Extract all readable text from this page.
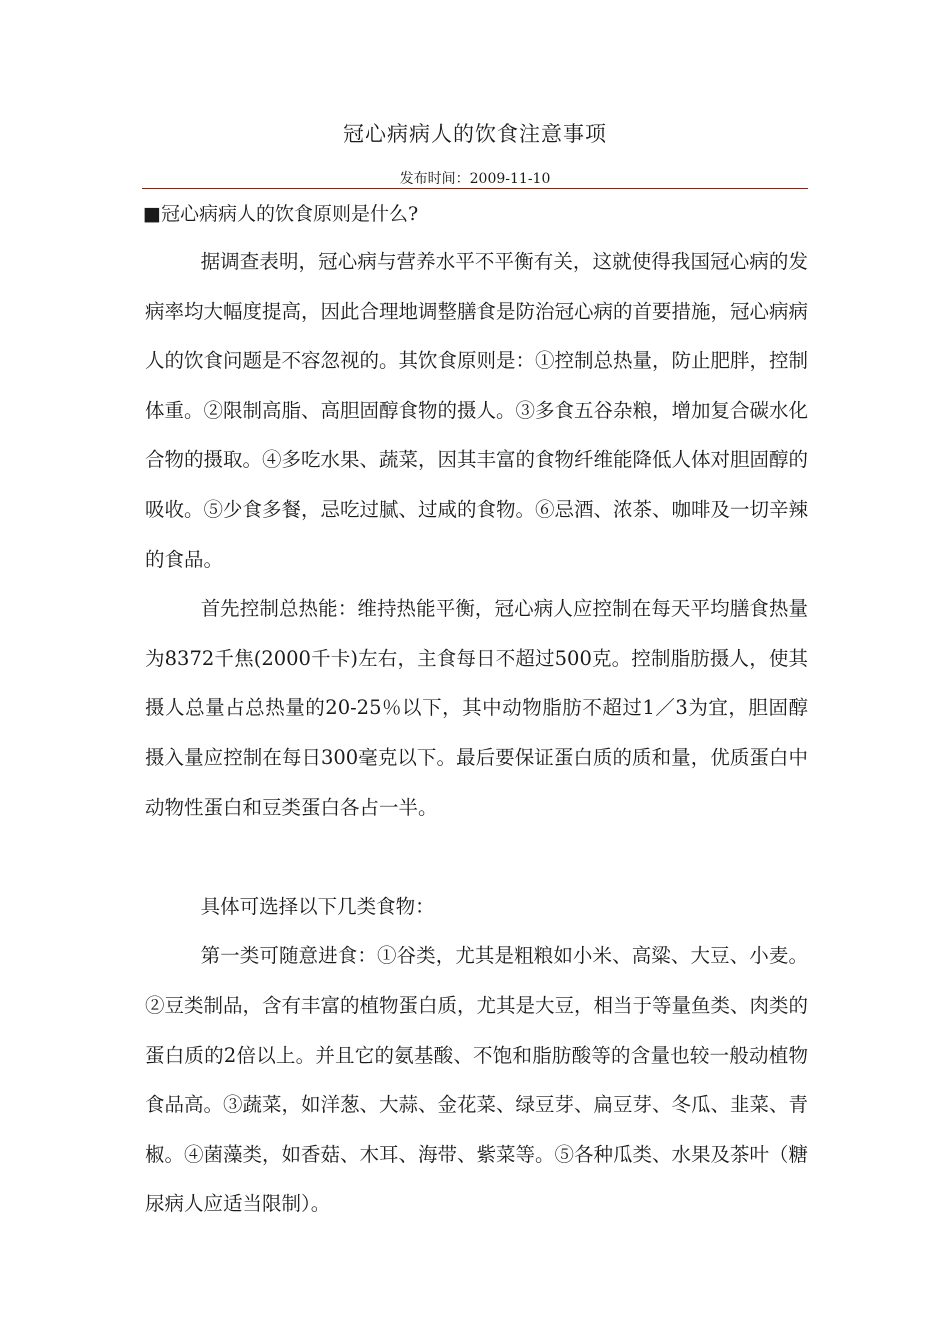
冠心病病人的饮食注意事项
发布时间：2009-11-10
■冠心病病人的饮食原则是什么?

据调查表明，冠心病与营养水平不平衡有关，这就使得我国冠心病的发病率均大幅度提高，因此合理地调整膳食是防治冠心病的首要措施，冠心病病人的饮食问题是不容忽视的。其饮食原则是：①控制总热量，防止肥胖，控制体重。②限制高脂、高胆固醇食物的摄人。③多食五谷杂粮，增加复合碳水化合物的摄取。④多吃水果、蔬菜，因其丰富的食物纤维能降低人体对胆固醇的吸收。⑤少食多餐，忌吃过腻、过咸的食物。⑥忌酒、浓茶、咖啡及一切辛辣的食品。

首先控制总热能：维持热能平衡，冠心病人应控制在每天平均膳食热量为8372千焦(2000千卡)左右，主食每日不超过500克。控制脂肪摄人，使其摄人总量占总热量的20-25％以下，其中动物脂肪不超过1／3为宜，胆固醇摄入量应控制在每日300毫克以下。最后要保证蛋白质的质和量，优质蛋白中动物性蛋白和豆类蛋白各占一半。

具体可选择以下几类食物：

第一类可随意进食：①谷类，尤其是粗粮如小米、高粱、大豆、小麦。②豆类制品，含有丰富的植物蛋白质，尤其是大豆，相当于等量鱼类、肉类的蛋白质的2倍以上。并且它的氨基酸、不饱和脂肪酸等的含量也较一般动植物食品高。③蔬菜，如洋葱、大蒜、金花菜、绿豆芽、扁豆芽、冬瓜、韭菜、青椒。④菌藻类，如香菇、木耳、海带、紫菜等。⑤各种瓜类、水果及茶叶（糖尿病人应适当限制）。
